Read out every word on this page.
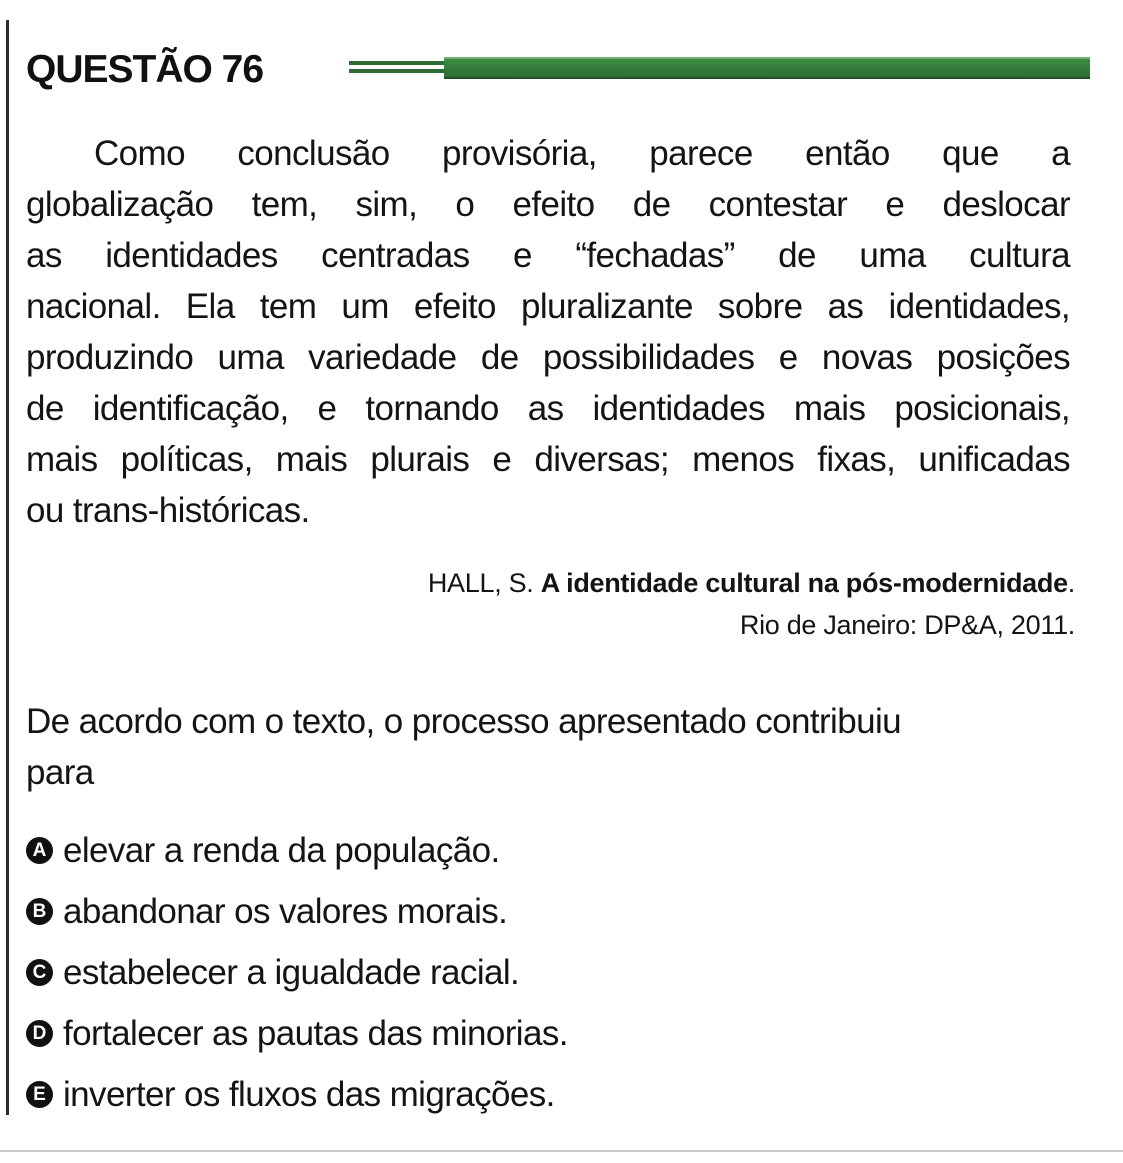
QUESTÃO 76
Como conclusão provisória, parece então que a
globalização tem, sim, o efeito de contestar e deslocar
as identidades centradas e “fechadas” de uma cultura
nacional. Ela tem um efeito pluralizante sobre as identidades,
produzindo uma variedade de possibilidades e novas posições
de identificação, e tornando as identidades mais posicionais,
mais políticas, mais plurais e diversas; menos fixas, unificadas
ou trans-históricas.
HALL, S. A identidade cultural na pós-modernidade.
Rio de Janeiro: DP&A, 2011.
De acordo com o texto, o processo apresentado contribuiu
para
A elevar a renda da população.
B abandonar os valores morais.
C estabelecer a igualdade racial.
D fortalecer as pautas das minorias.
E inverter os fluxos das migrações.
